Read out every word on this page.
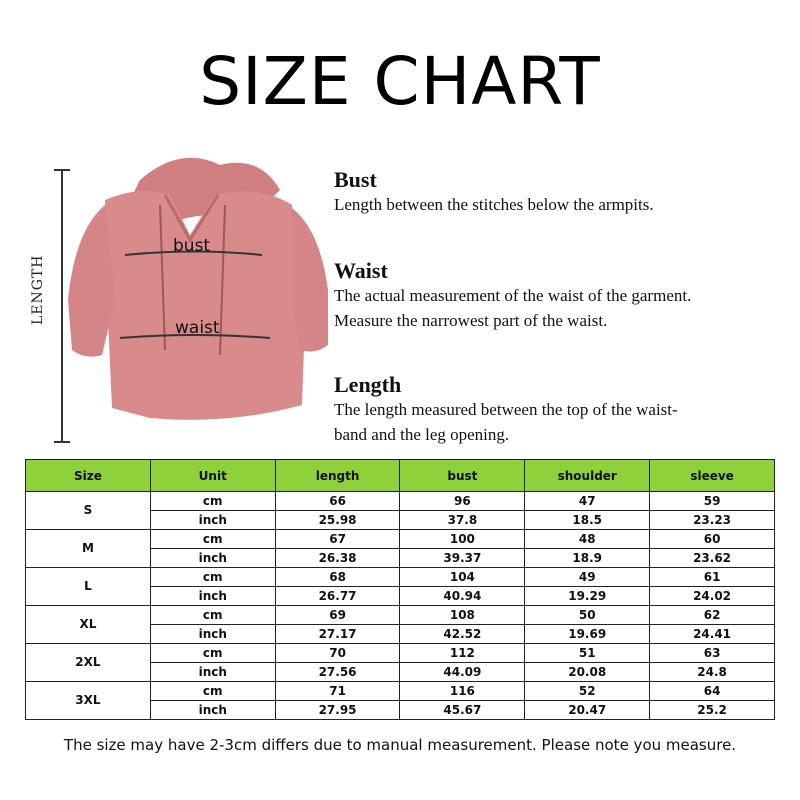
SIZE CHART
LENGTH
bust
waist
Bust
Length between the stitches below the armpits.
Waist
The actual measurement of the waist of the garment.
Measure the narrowest part of the waist.
Length
The length measured between the top of the waist-
band and the leg opening.
Size	Unit	length	bust	shoulder	sleeve
S	cm	66	96	47	59
	inch	25.98	37.8	18.5	23.23
M	cm	67	100	48	60
	inch	26.38	39.37	18.9	23.62
L	cm	68	104	49	61
	inch	26.77	40.94	19.29	24.02
XL	cm	69	108	50	62
	inch	27.17	42.52	19.69	24.41
2XL	cm	70	112	51	63
	inch	27.56	44.09	20.08	24.8
3XL	cm	71	116	52	64
	inch	27.95	45.67	20.47	25.2
The size may have 2-3cm differs due to manual measurement. Please note you measure.
